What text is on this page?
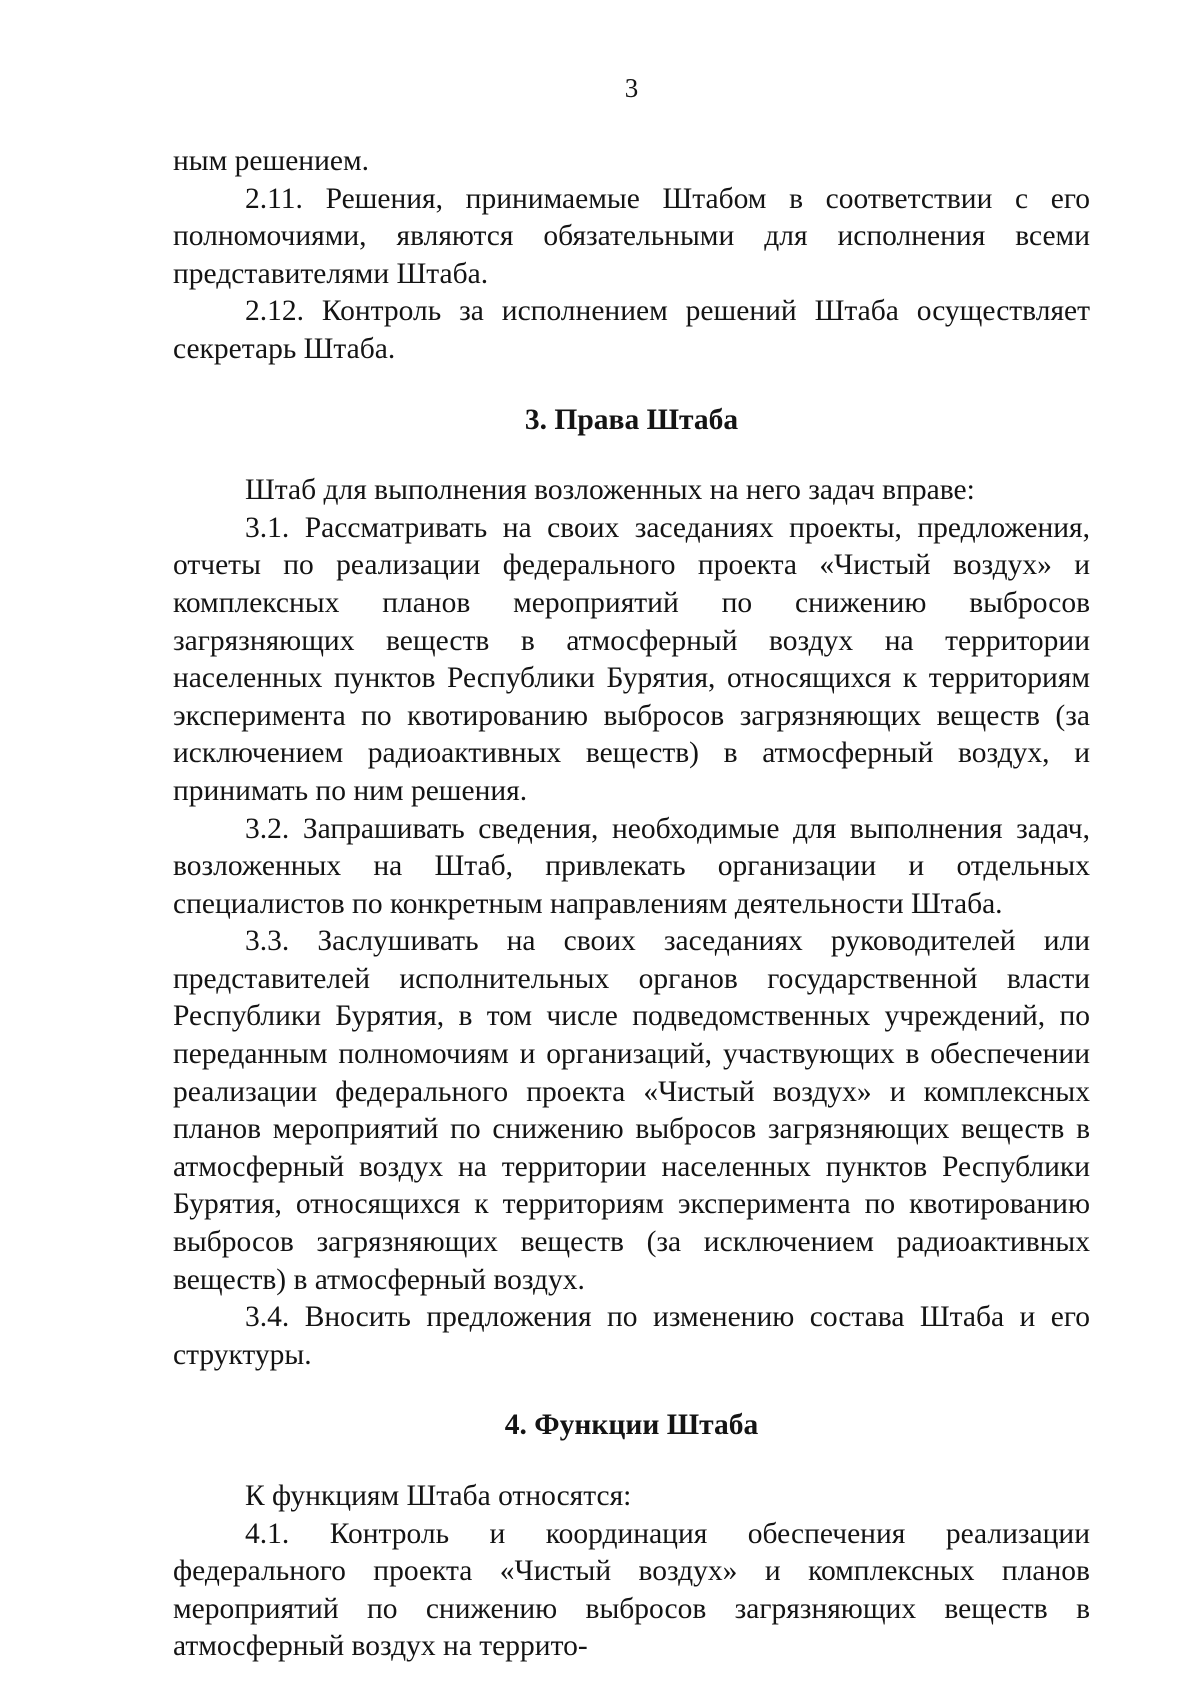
3

ным решением.

2.11. Решения, принимаемые Штабом в соответствии с его полномочиями, являются обязательными для исполнения всеми представителями Штаба.

2.12. Контроль за исполнением решений Штаба осуществляет секретарь Штаба.

3. Права Штаба

Штаб для выполнения возложенных на него задач вправе:

3.1. Рассматривать на своих заседаниях проекты, предложения, отчеты по реализации федерального проекта «Чистый воздух» и комплексных планов мероприятий по снижению выбросов загрязняющих веществ в атмосферный воздух на территории населенных пунктов Республики Бурятия, относящихся к территориям эксперимента по квотированию выбросов загрязняющих веществ (за исключением радиоактивных веществ) в атмосферный воздух, и принимать по ним решения.

3.2. Запрашивать сведения, необходимые для выполнения задач, возложенных на Штаб, привлекать организации и отдельных специалистов по конкретным направлениям деятельности Штаба.

3.3. Заслушивать на своих заседаниях руководителей или представителей исполнительных органов государственной власти Республики Бурятия, в том числе подведомственных учреждений, по переданным полномочиям и организаций, участвующих в обеспечении реализации федерального проекта «Чистый воздух» и комплексных планов мероприятий по снижению выбросов загрязняющих веществ в атмосферный воздух на территории населенных пунктов Республики Бурятия, относящихся к территориям эксперимента по квотированию выбросов загрязняющих веществ (за исключением радиоактивных веществ) в атмосферный воздух.

3.4. Вносить предложения по изменению состава Штаба и его структуры.

4. Функции Штаба

К функциям Штаба относятся:

4.1. Контроль и координация обеспечения реализации федерального проекта «Чистый воздух» и комплексных планов мероприятий по снижению выбросов загрязняющих веществ в атмосферный воздух на террито-
